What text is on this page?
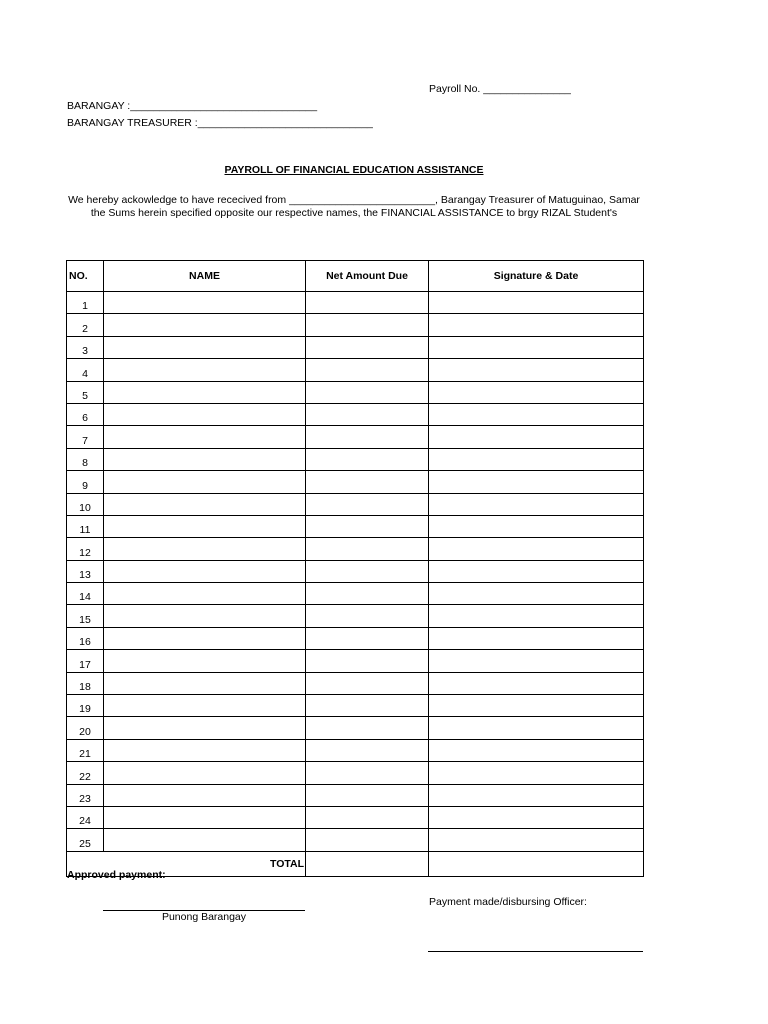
Payroll No. _______________
BARANGAY :________________________________
BARANGAY TREASURER :______________________________
PAYROLL OF FINANCIAL EDUCATION ASSISTANCE
We hereby ackowledge to have rececived from _________________________, Barangay Treasurer of Matuguinao, Samar
the Sums herein specified opposite our respective names, the FINANCIAL ASSISTANCE to brgy RIZAL Student's
NO.	NAME	Net Amount Due	Signature & Date
1			
2			
3			
4			
5			
6			
7			
8			
9			
10			
11			
12			
13			
14			
15			
16			
17			
18			
19			
20			
21			
22			
23			
24			
25			
TOTAL			
Approved payment:
Punong Barangay
Payment made/disbursing Officer:
